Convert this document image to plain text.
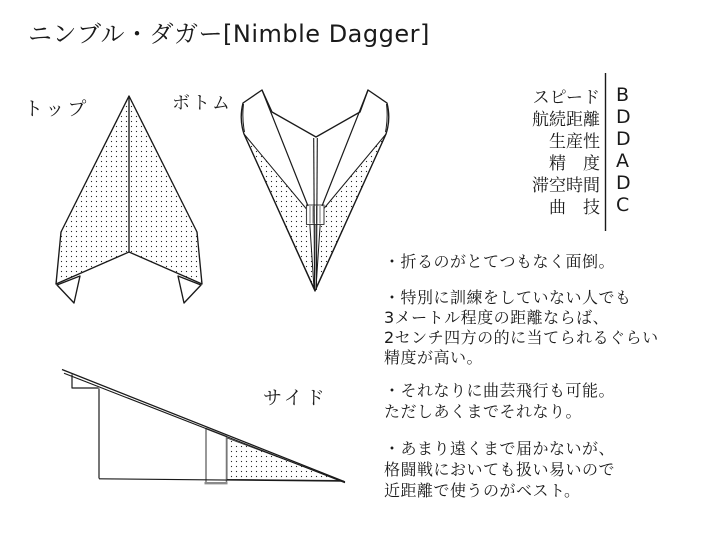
ニンブル・ダガー[Nimble Dagger]
トップ	ボトム
サイド
スピード B
航続距離 D
生産性 D
精　度 A
滞空時間 D
曲　技 C
・折るのがとてつもなく面倒。
・特別に訓練をしていない人でも
3メートル程度の距離ならば、
2センチ四方の的に当てられるぐらい
精度が高い。
・それなりに曲芸飛行も可能。
ただしあくまでそれなり。
・あまり遠くまで届かないが、
格闘戦においても扱い易いので
近距離で使うのがベスト。
